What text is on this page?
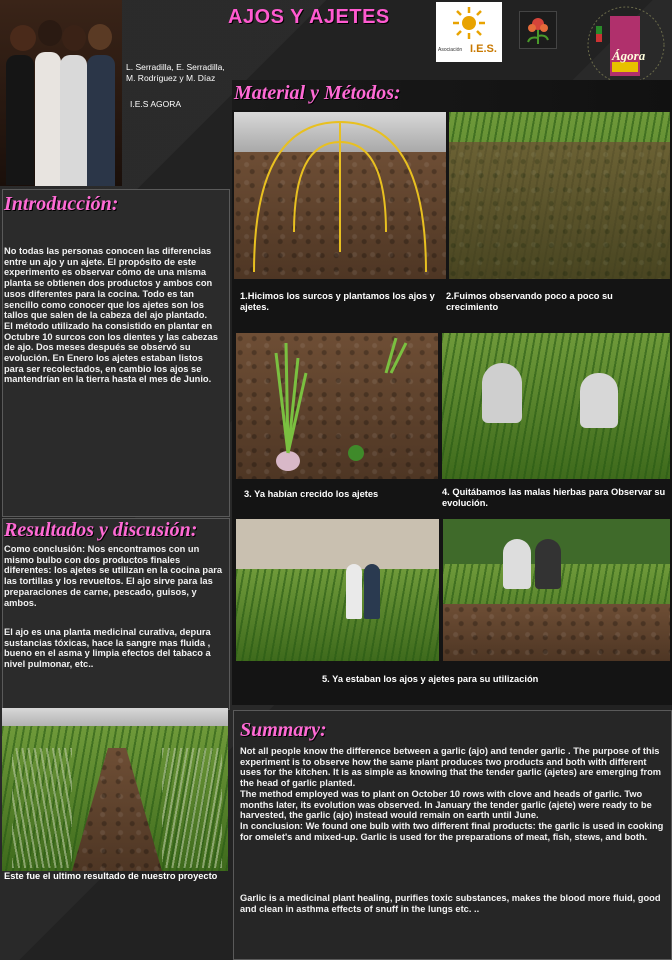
AJOS Y AJETES
L. Serradilla, E. Serradilla,
M. Rodríguez y M. Díaz
I.E.S AGORA
Asociación I.E.S.	Ágora
Introducción:
No todas las personas conocen las diferencias entre un ajo y un ajete. El propósito de este experimento es observar cómo de una misma planta se obtienen dos productos y ambos con usos diferentes para la cocina. Todo es tan sencillo como conocer que los ajetes son los tallos que salen de la cabeza del ajo plantado.
El método utilizado ha consistido en plantar en Octubre 10 surcos con los dientes y las cabezas de ajo. Dos meses después se observó su evolución. En Enero los ajetes estaban listos para ser recolectados, en cambio los ajos se mantendrían en la tierra hasta el mes de Junio.
Resultados y discusión:
Como conclusión: Nos encontramos con un mismo bulbo con dos productos finales diferentes: los ajetes se utilizan en la cocina para las tortillas y los revueltos. El ajo sirve para las preparaciones de carne, pescado, guisos, y ambos.
El ajo es una planta medicinal curativa, depura sustancias tóxicas, hace la sangre mas fluida , bueno en el asma y limpia efectos del tabaco a nivel pulmonar, etc..
Este fue el ultimo resultado de nuestro proyecto
Material y Métodos:
1.Hicimos los surcos y plantamos los ajos y ajetes.
2.Fuimos observando poco a poco su crecimiento
3. Ya habían crecido los ajetes	4. Quitábamos las malas hierbas para Observar su evolución.
5. Ya estaban los ajos y ajetes para su utilización
Summary:
Not all people know the difference between a garlic (ajo) and tender garlic . The purpose of this experiment is to observe how the same plant produces two products and both with different uses for the kitchen. It is as simple as knowing that the tender garlic (ajetes) are emerging from the head of garlic planted.
The method employed was to plant on October 10 rows with clove and heads of garlic. Two months later, its evolution was observed. In January the tender garlic (ajete) were ready to be harvested, the garlic (ajo) instead would remain on earth until June.
In conclusion: We found one bulb with two different final products: the garlic is used in cooking for omelet's and mixed-up. Garlic is used for the preparations of meat, fish, stews, and both.
Garlic is a medicinal plant healing, purifies toxic substances, makes the blood more fluid, good and clean in asthma effects of snuff in the lungs etc. ..
